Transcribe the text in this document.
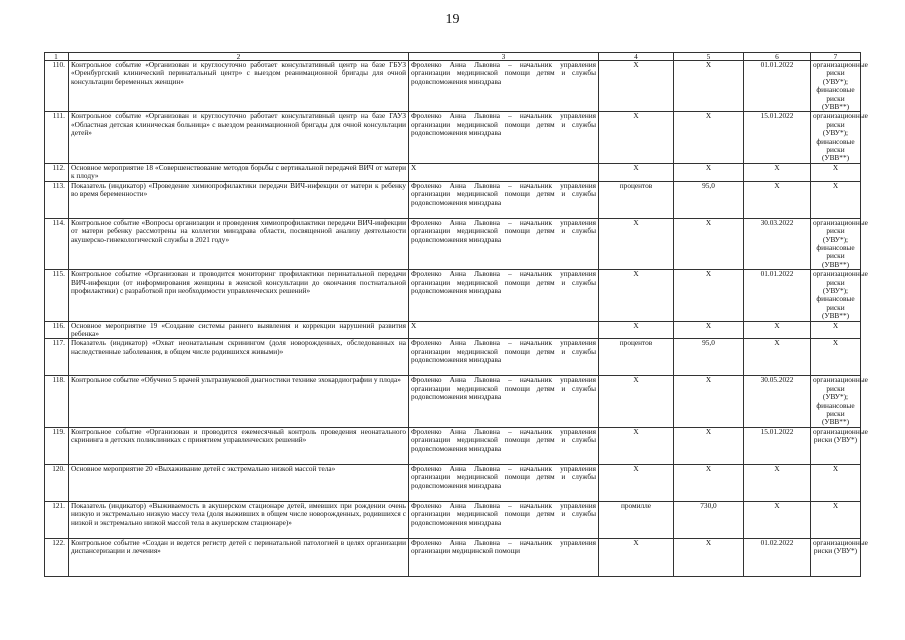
19
1	2	3	4	5	6	7
110.	Контрольное событие «Организован и круглосуточно работает консультативный центр на базе ГБУЗ «Оренбургский клинический перинатальный центр» с выездом реанимационной бригады для очной консультации беременных женщин»	Фроленко Анна Львовна – начальник управления организации медицинской помощи детям и службы родовспоможения минздрава	X	X	01.01.2022	организационные риски (УВУ*); финансовые риски (УВВ**)
111.	Контрольное событие «Организован и круглосуточно работает консультативный центр на базе ГАУЗ «Областная детская клиническая больница» с выездом реанимационной бригады для очной консультации детей»	Фроленко Анна Львовна – начальник управления организации медицинской помощи детям и службы родовспоможения минздрава	X	X	15.01.2022	организационные риски (УВУ*); финансовые риски (УВВ**)
112.	Основное мероприятие 18 «Совершенствование методов борьбы с вертикальной передачей ВИЧ от матери к плоду»	X	X	X	X	X
113.	Показатель (индикатор) «Проведение химиопрофилактики передачи ВИЧ-инфекции от матери к ребенку во время беременности»	Фроленко Анна Львовна – начальник управления организации медицинской помощи детям и службы родовспоможения минздрава	процентов	95,0	X	X
114.	Контрольное событие «Вопросы организации и проведения химиопрофилактики передачи ВИЧ-инфекции от матери ребенку рассмотрены на коллегии минздрава области, посвященной анализу деятельности акушерско-гинекологической службы в 2021 году»	Фроленко Анна Львовна – начальник управления организации медицинской помощи детям и службы родовспоможения минздрава	X	X	30.03.2022	организационные риски (УВУ*); финансовые риски (УВВ**)
115.	Контрольное событие «Организован и проводится мониторинг профилактики перинатальной передачи ВИЧ-инфекции (от информирования женщины в женской консультации до окончания постнатальной профилактики) с разработкой при необходимости управленческих решений»	Фроленко Анна Львовна – начальник управления организации медицинской помощи детям и службы родовспоможения минздрава	X	X	01.01.2022	организационные риски (УВУ*); финансовые риски (УВВ**)
116.	Основное мероприятие 19 «Создание системы раннего выявления и коррекции нарушений развития ребенка»	X	X	X	X	X
117.	Показатель (индикатор) «Охват неонатальным скринингом (доля новорожденных, обследованных на наследственные заболевания, в общем числе родившихся живыми)»	Фроленко Анна Львовна – начальник управления организации медицинской помощи детям и службы родовспоможения минздрава	процентов	95,0	X	X
118.	Контрольное событие «Обучено 5 врачей ультразвуковой диагностики технике эхокардиографии у плода»	Фроленко Анна Львовна – начальник управления организации медицинской помощи детям и службы родовспоможения минздрава	X	X	30.05.2022	организационные риски (УВУ*); финансовые риски (УВВ**)
119.	Контрольное событие «Организован и проводится ежемесячный контроль проведения неонатального скрининга в детских поликлиниках с принятием управленческих решений»	Фроленко Анна Львовна – начальник управления организации медицинской помощи детям и службы родовспоможения минздрава	X	X	15.01.2022	организационные риски (УВУ*)
120.	Основное мероприятие 20 «Выхаживание детей с экстремально низкой массой тела»	Фроленко Анна Львовна – начальник управления организации медицинской помощи детям и службы родовспоможения минздрава	X	X	X	X
121.	Показатель (индикатор) «Выживаемость в акушерском стационаре детей, имевших при рождении очень низкую и экстремально низкую массу тела (доля выживших в общем числе новорожденных, родившихся с низкой и экстремально низкой массой тела в акушерском стационаре)»	Фроленко Анна Львовна – начальник управления организации медицинской помощи детям и службы родовспоможения минздрава	промилле	730,0	X	X
122.	Контрольное событие «Создан и ведется регистр детей с перинатальной патологией в целях организации диспансеризации и лечения»	Фроленко Анна Львовна – начальник управления организации медицинской помощи	X	X	01.02.2022	организационные риски (УВУ*)
